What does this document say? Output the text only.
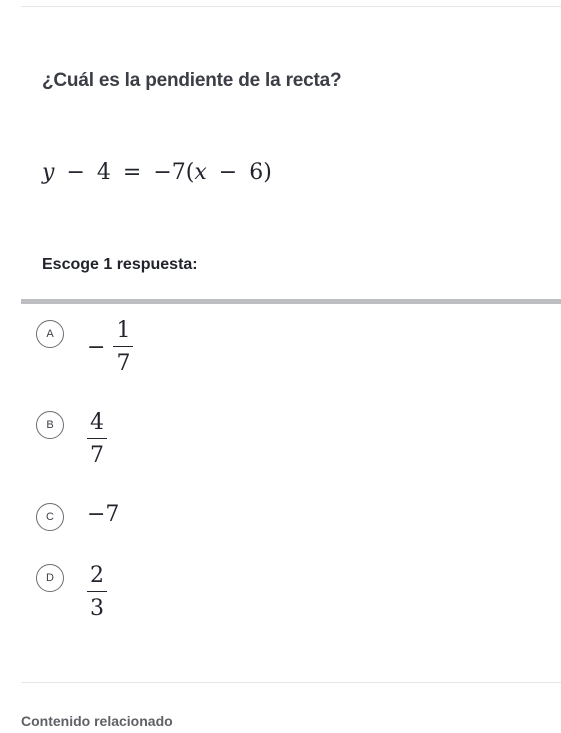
¿Cuál es la pendiente de la recta?
y − 4 = −7(x − 6)
Escoge 1 respuesta:
A
− $\frac{1}{7}$
B	$\frac{4}{7}$
C	−7
D	$\frac{2}{3}$
Contenido relacionado
